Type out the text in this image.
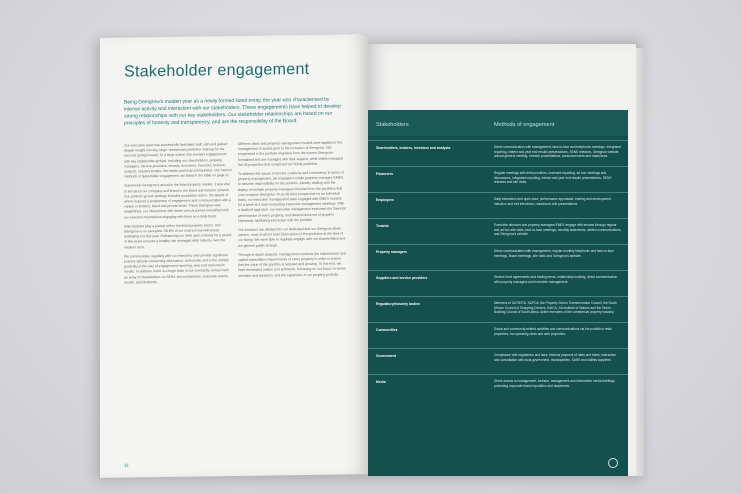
Stakeholder engagement
Being Gemgrow's maiden year as a newly formed listed entity, the year was characterised by intense activity and interaction with our stakeholders. These engagements have helped to develop strong relationships with our key stakeholders. Our stakeholder relationships are based on our principles of honesty and transparency, and are the responsibility of the Board.

Our executive team has successfully facilitated staff, with and gained deeper insight into key, large 'unrestricted portfolios' training for the success going forward. To a large extent, this involves engagements with key stakeholder groups, including our shareholders, property managers, service providers, tenants, financiers, investors, brokers, analysts, industry bodies, the media and local communities. Our various methods of stakeholder engagement are listed in the table on page 11.

Stanmorelo Gemgrow's arrival in the listed property market, it was vital to introduce our company and brand to the listed and investor network. Our portfolio growth strategy includes acquisitive action, the details of which required a programme of engagement and communication with a variety of brokers, listed and private funds. These Gemgrow was established, our interactions with these various parties intensified with our investors themselves engaging with them on a daily basis.

Debt facilities play a pivotal role in the listed property sector, and Gemgrow is no exception. 58.6% of our total income with these facilitating our first year. Refinancing our debt upon maturity for a period of five years ensures a healthy risk managed debt maturity over the medium term.

We communicate regularly with our investors, who provide significant positive attitude concerning information, community and to the market, generally in the way of engagement reporting, year end and interim results. In addition, there is a large base in our constantly contact with an array of shareholders on SENS announcements, corporate events, results, and dividends.

Different asset and property management models were applied to the management of assets prior to the formation of Gemgrow. SGI progressed in the portfolio migration from the current Gemgrow-formalised and are managed with their support, while Vukile managed the 29 properties that comprised our Vukile portfolios.

To address the issues of service continuity and consistency in terms of property management, we engaged a single property manager, EMES, to assume responsibility for the portfolio, thereby dealing with the legacy of multiple property managers inherited from the portfolios that now comprise Gemgrow. To an obvious prospective on an individual basis, our executive management team engaged with EMES monthly for a week at a time conducting extensive management meetings. With a landlord approach, our executive management evaluated the financial performance of every property, and determined a set of property intensively facilitating interaction with the portfolio.

Our investors are divided into our dedicated and our Gemgrow share owners, most of whom have been active in the portfolios at the time of our listing. We were able to regularly engage with our shareholders and the general public at large.

Through in-depth analysis, management conducts the maintenance and capital expenditure requirements of every property in order to ensure that the value of the portfolio is retained and growing. To this end, we have developed unique and architects, focussing on our focus on tenant retention and attraction, and the expansion of our property portfolio.

12
Stakeholders	Methods of engagement
Shareholders, brokers, investors and analysts	Direct communication with management, face-to-face and telephonic meetings. Integrated reporting, interim and year end results presentations, SENS releases, Gemgrow website, annual general meeting, investor presentations, announcements and roadshows.
Financiers	Regular meetings with debt providers, covenant reporting, ad hoc meetings and discussions, integrated reporting, interim and year end results presentations, SENS releases and site visits.
Employees	Daily interaction and open-door, performance appraisals, training and development, induction and exit interviews, roadshows and presentations.
Tenants	Executive directors and property managers EMES engage with tenants through regular and ad hoc site visits, face-to-face meetings, monthly statements, written communications, and Gemgrow's website.
Property managers	Direct communication with management, regular monthly telephonic and face-to-face meetings, Board meetings, site visits and Gemgrow's website.
Suppliers and service providers	Service level agreements and trading terms, relationship building, direct communication with property managers and executive management.
Regulatory/industry bodies	Members of SA REITA, SAPOA, the Property Sector Transformation Council, the South African Council of Shopping Centres, SAICA, SA Institute of Valuers and the Green Building Council of South Africa. Active members of the commercial property industry.
Communities	Social and community-related activities and communications via the portfolio's retail properties, incorporating clean and safe properties.
Government	Compliance with regulations and laws, timeous payment of rates and taxes, interaction and consultation with local government, municipalities, SARS and utilities suppliers.
Media	Direct access to management, investor, management and informative media briefings, promoting corporate brand reputation and awareness.
